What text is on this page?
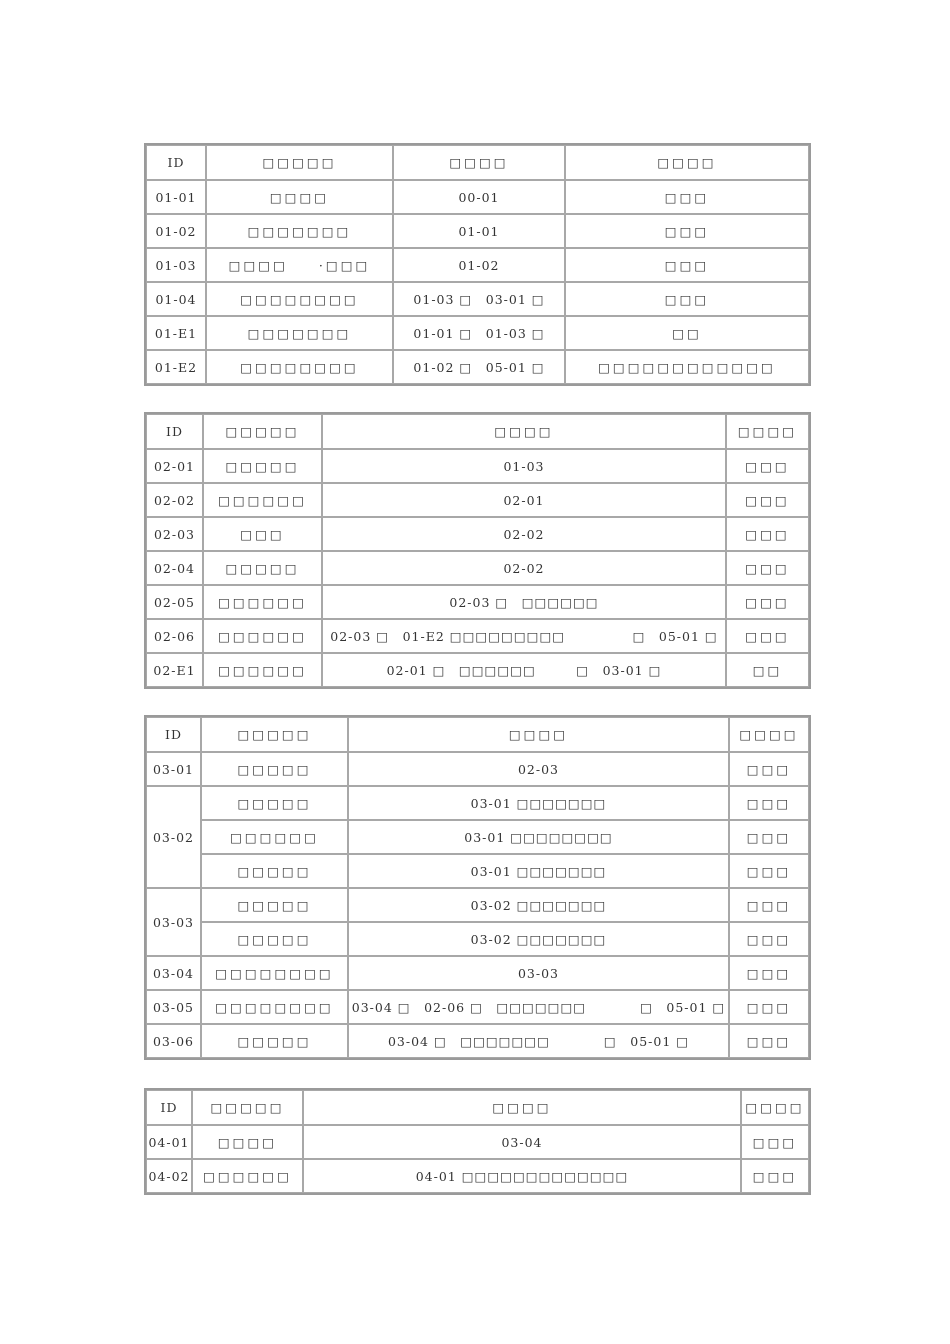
ID	□□□□□	□□□□	□□□□
01-01	□□□□	00-01	□□□
01-02	□□□□□□□	01-01	□□□
01-03	□□□□　　·□□□	01-02	□□□
01-04	□□□□□□□□	01-03 □　03-01 □	□□□
01-E1	□□□□□□□	01-01 □　01-03 □	□□
01-E2	□□□□□□□□	01-02 □　05-01 □	□□□□□□□□□□□□
ID	□□□□□	□□□□	□□□□
02-01	□□□□□	01-03	□□□
02-02	□□□□□□	02-01	□□□
02-03	□□□	02-02	□□□
02-04	□□□□□	02-02	□□□
02-05	□□□□□□	02-03 □　□□□□□□	□□□
02-06	□□□□□□	02-03 □　01-E2 □□□□□□□□□　　　　　□　05-01 □	□□□
02-E1	□□□□□□	02-01 □　□□□□□□　　　□　03-01 □	□□
ID	□□□□□	□□□□	□□□□
03-01	□□□□□	02-03	□□□
03-02	□□□□□	03-01 □□□□□□□	□□□
	□□□□□□	03-01 □□□□□□□□	□□□
	□□□□□	03-01 □□□□□□□	□□□
03-03	□□□□□	03-02 □□□□□□□	□□□
	□□□□□	03-02 □□□□□□□	□□□
03-04	□□□□□□□□	03-03	□□□
03-05	□□□□□□□□	03-04 □　02-06 □　□□□□□□□　　　　□　05-01 □	□□□
03-06	□□□□□	03-04 □　□□□□□□□　　　　□　05-01 □	□□□
ID	□□□□□	□□□□	□□□□
04-01	□□□□	03-04	□□□
04-02	□□□□□□	04-01 □□□□□□□□□□□□□	□□□
